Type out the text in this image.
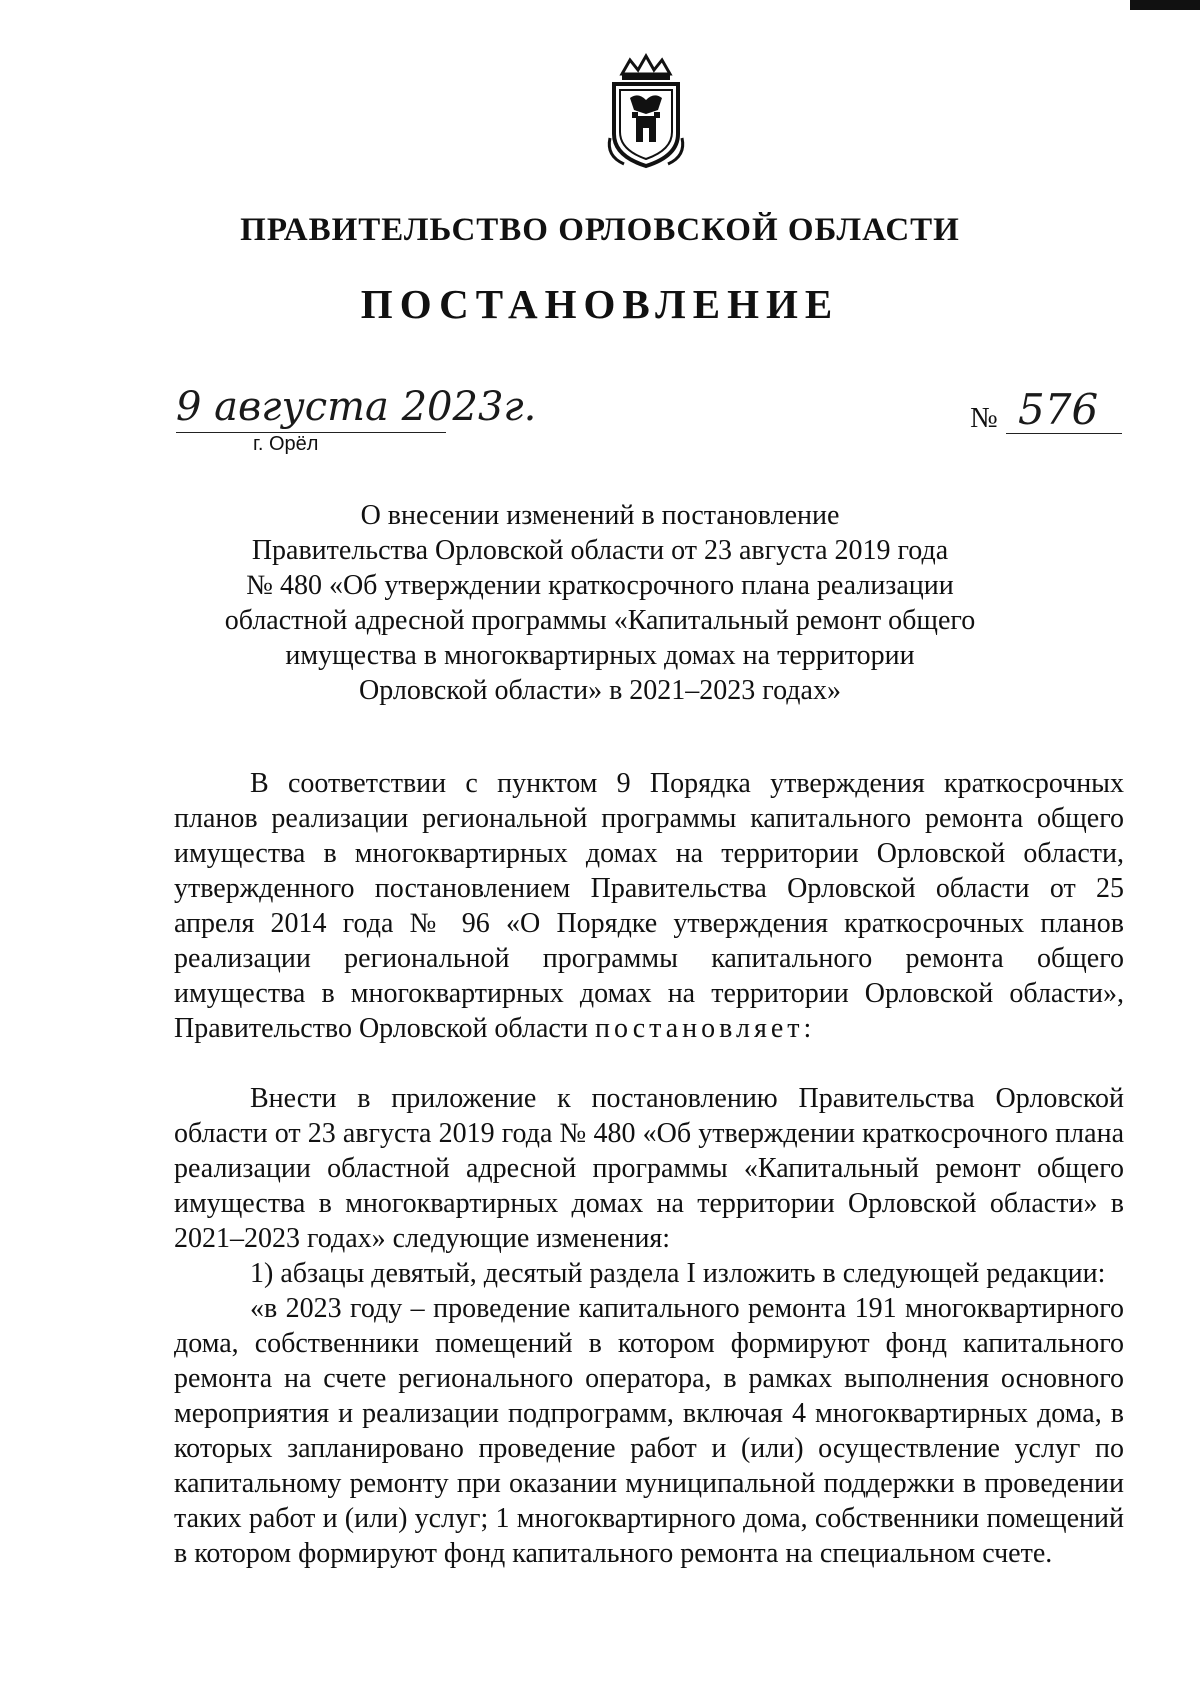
ПРАВИТЕЛЬСТВО ОРЛОВСКОЙ ОБЛАСТИ
ПОСТАНОВЛЕНИЕ
9 августа 2023г.
г. Орёл
№ 576
О внесении изменений в постановление
Правительства Орловской области от 23 августа 2019 года
№ 480 «Об утверждении краткосрочного плана реализации
областной адресной программы «Капитальный ремонт общего
имущества в многоквартирных домах на территории
Орловской области» в 2021–2023 годах»

В соответствии с пунктом 9 Порядка утверждения краткосрочных планов реализации региональной программы капитального ремонта общего имущества в многоквартирных домах на территории Орловской области, утвержденного постановлением Правительства Орловской области от 25 апреля 2014 года № 96 «О Порядке утверждения краткосрочных планов реализации региональной программы капитального ремонта общего имущества в многоквартирных домах на территории Орловской области», Правительство Орловской области постановляет:

Внести в приложение к постановлению Правительства Орловской области от 23 августа 2019 года № 480 «Об утверждении краткосрочного плана реализации областной адресной программы «Капитальный ремонт общего имущества в многоквартирных домах на территории Орловской области» в 2021–2023 годах» следующие изменения:

1) абзацы девятый, десятый раздела I изложить в следующей редакции:

«в 2023 году – проведение капитального ремонта 191 многоквартирного дома, собственники помещений в котором формируют фонд капитального ремонта на счете регионального оператора, в рамках выполнения основного мероприятия и реализации подпрограмм, включая 4 многоквартирных дома, в которых запланировано проведение работ и (или) осуществление услуг по капитальному ремонту при оказании муниципальной поддержки в проведении таких работ и (или) услуг; 1 многоквартирного дома, собственники помещений в котором формируют фонд капитального ремонта на специальном счете.
